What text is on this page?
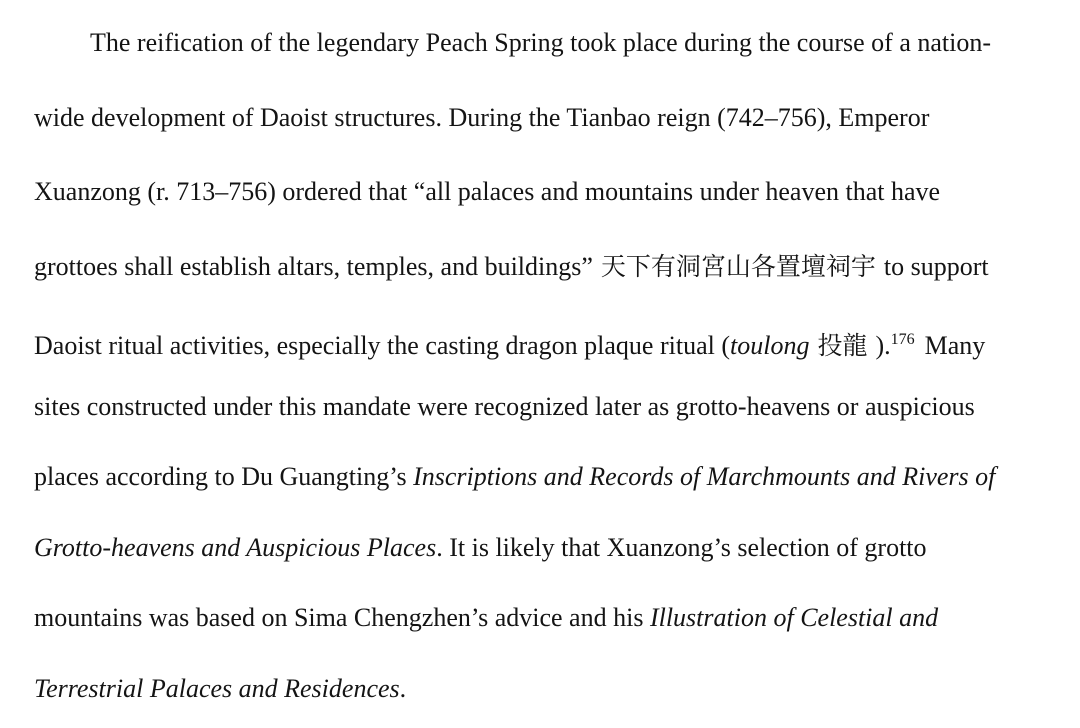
The reification of the legendary Peach Spring took place during the course of a nation-
wide development of Daoist structures. During the Tianbao reign (742–756), Emperor
Xuanzong (r. 713–756) ordered that “all palaces and mountains under heaven that have
grottoes shall establish altars, temples, and buildings” 天下有洞宮山各置壇祠宇 to support
Daoist ritual activities, especially the casting dragon plaque ritual (toulong 投龍 ).$^{176}$ Many
sites constructed under this mandate were recognized later as grotto-heavens or auspicious
places according to Du Guangting’s Inscriptions and Records of Marchmounts and Rivers of
Grotto-heavens and Auspicious Places. It is likely that Xuanzong’s selection of grotto
mountains was based on Sima Chengzhen’s advice and his Illustration of Celestial and
Terrestrial Palaces and Residences.
